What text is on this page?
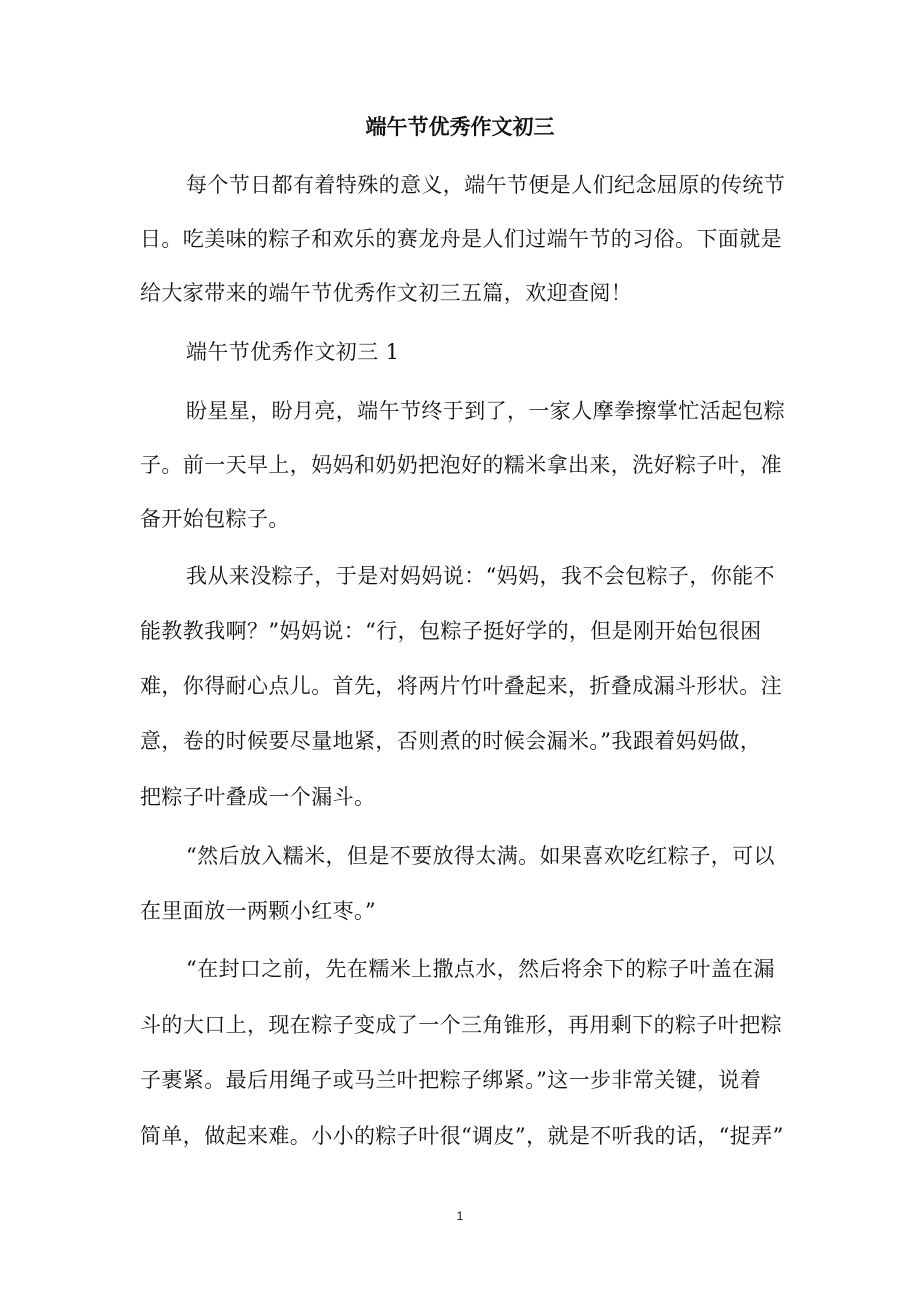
端午节优秀作文初三
每个节日都有着特殊的意义，端午节便是人们纪念屈原的传统节
日。吃美味的粽子和欢乐的赛龙舟是人们过端午节的习俗。下面就是
给大家带来的端午节优秀作文初三五篇，欢迎查阅！
端午节优秀作文初三 1
盼星星，盼月亮，端午节终于到了，一家人摩拳擦掌忙活起包粽
子。前一天早上，妈妈和奶奶把泡好的糯米拿出来，洗好粽子叶，准
备开始包粽子。
我从来没粽子，于是对妈妈说：“妈妈，我不会包粽子，你能不
能教教我啊？”妈妈说：“行，包粽子挺好学的，但是刚开始包很困
难，你得耐心点儿。首先，将两片竹叶叠起来，折叠成漏斗形状。注
意，卷的时候要尽量地紧，否则煮的时候会漏米。”我跟着妈妈做，
把粽子叶叠成一个漏斗。
“然后放入糯米，但是不要放得太满。如果喜欢吃红粽子，可以
在里面放一两颗小红枣。”
“在封口之前，先在糯米上撒点水，然后将余下的粽子叶盖在漏
斗的大口上，现在粽子变成了一个三角锥形，再用剩下的粽子叶把粽
子裹紧。最后用绳子或马兰叶把粽子绑紧。”这一步非常关键，说着
简单，做起来难。小小的粽子叶很“调皮”，就是不听我的话，“捉弄”
1
